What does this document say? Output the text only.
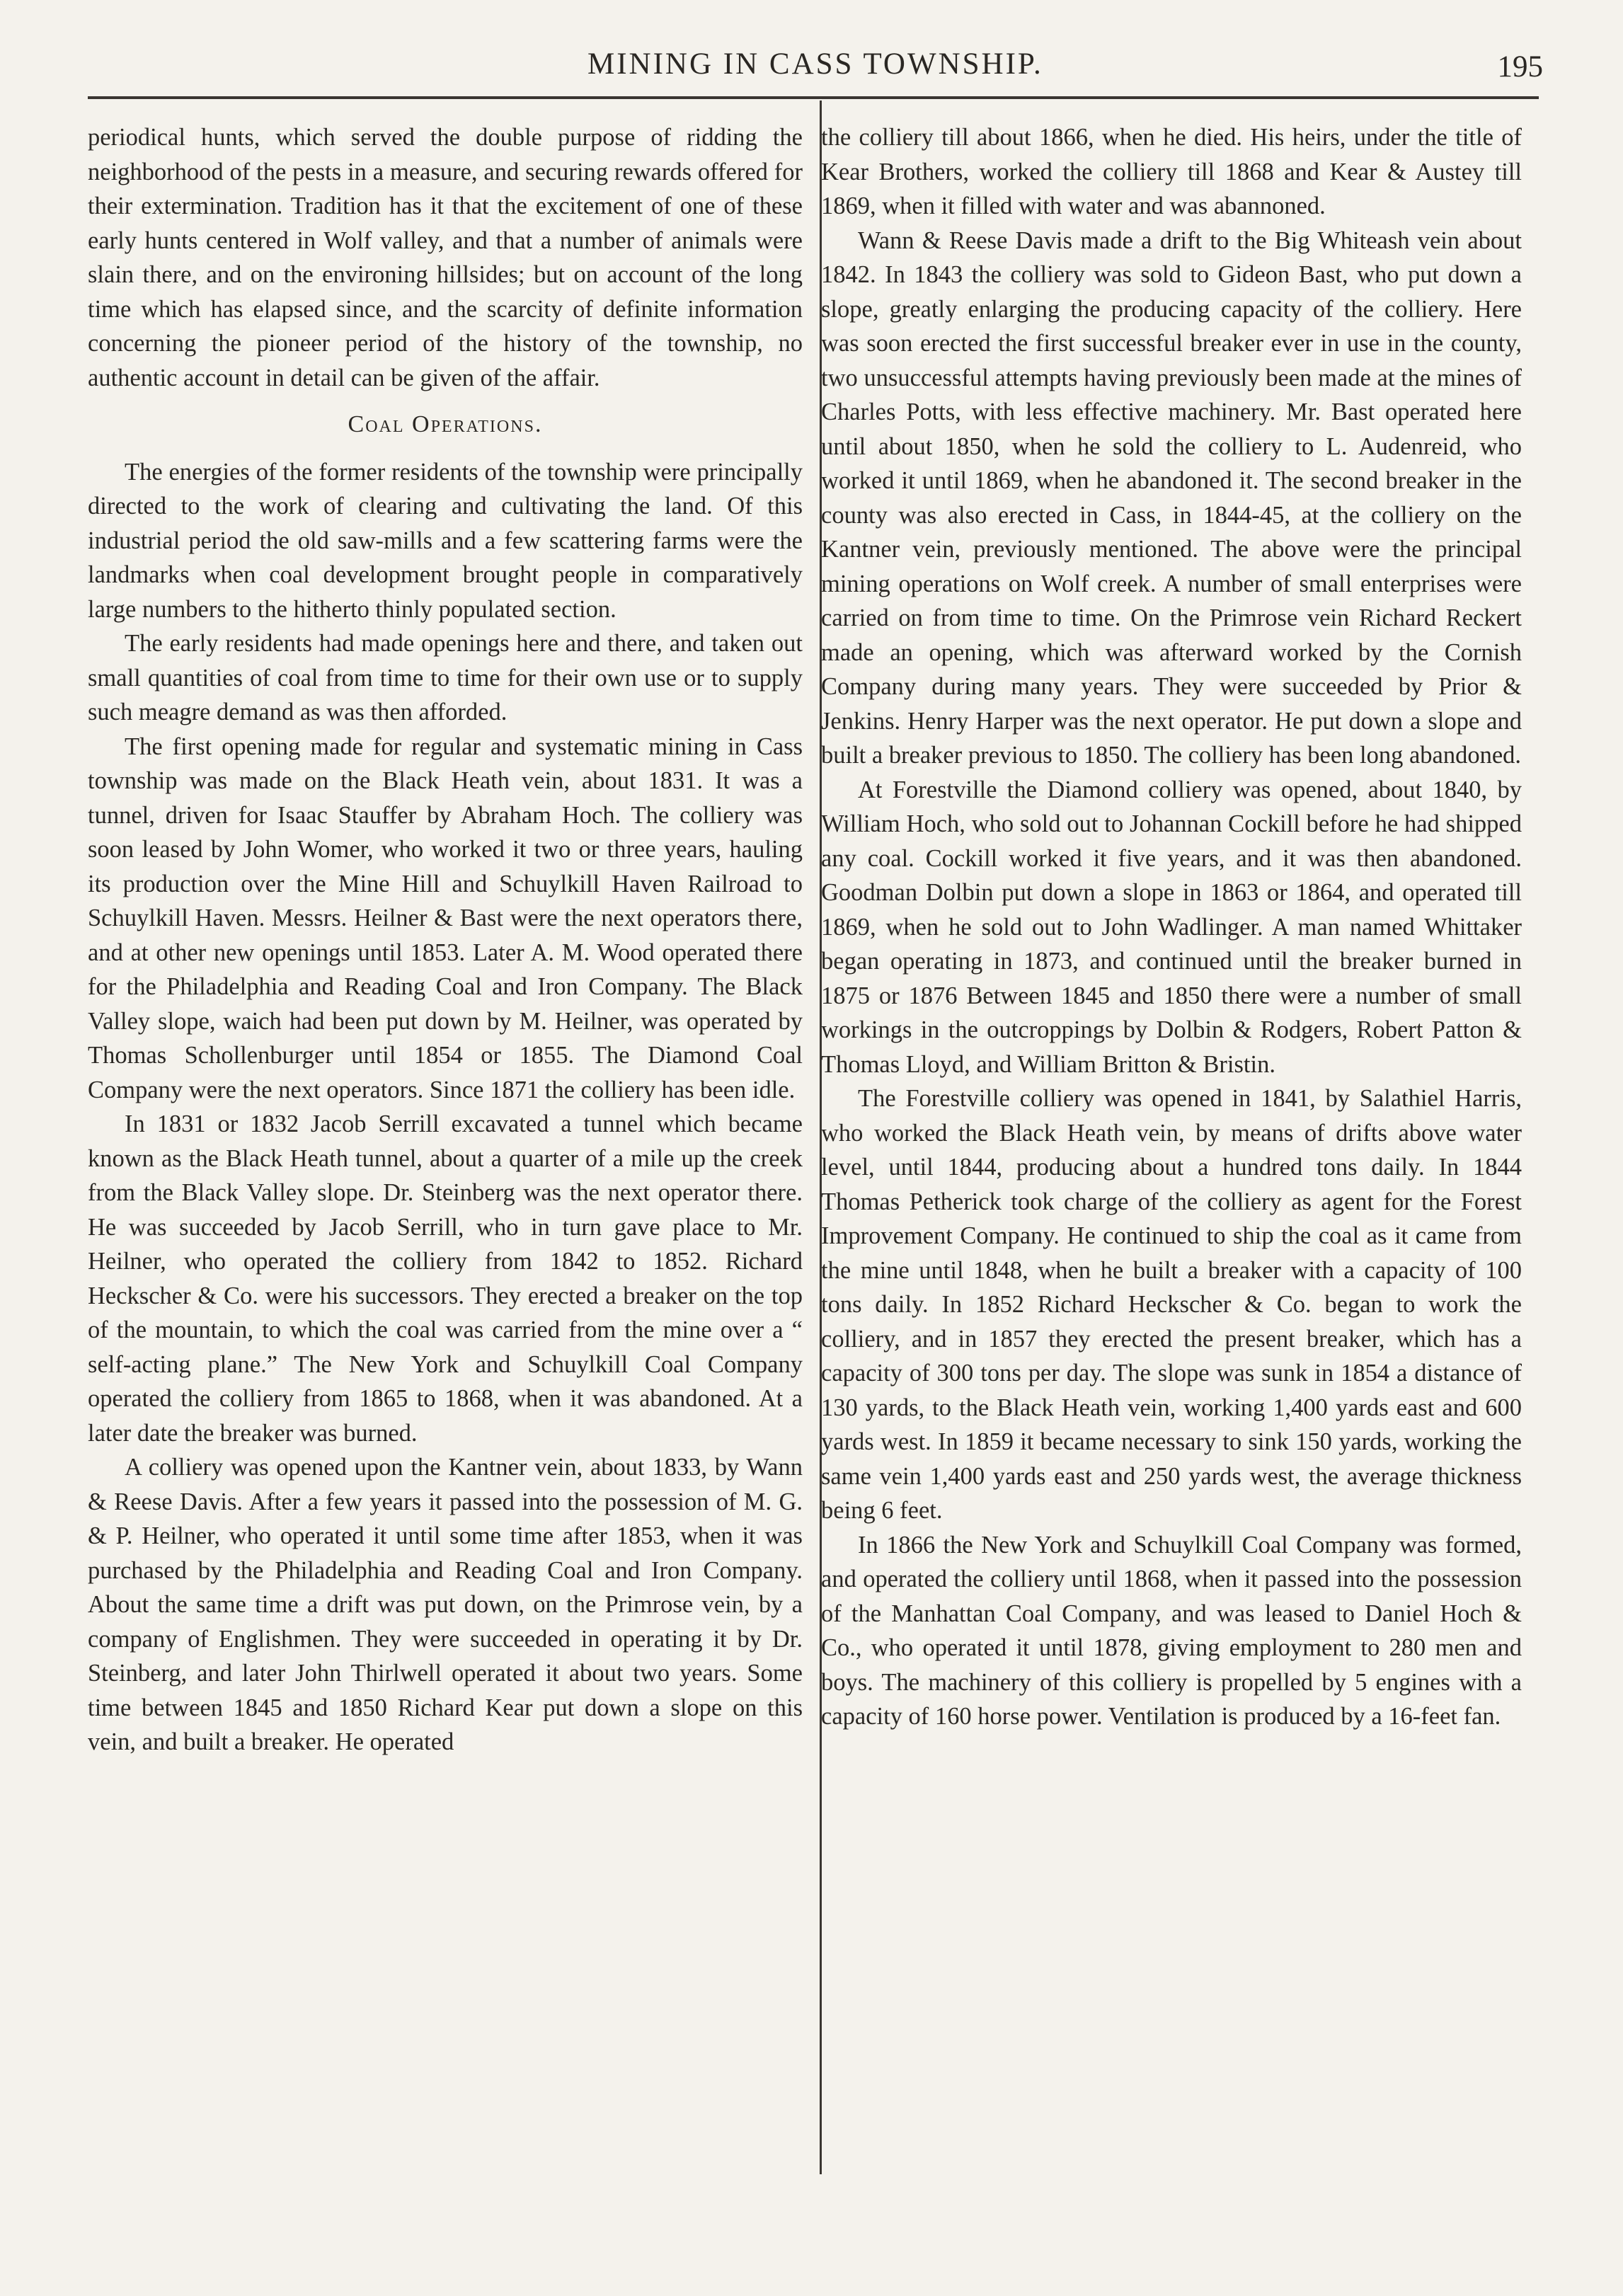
MINING IN CASS TOWNSHIP.	195

periodical hunts, which served the double purpose of ridding the neighborhood of the pests in a measure, and securing rewards offered for their extermination. Tradition has it that the excitement of one of these early hunts centered in Wolf valley, and that a number of animals were slain there, and on the environing hillsides; but on account of the long time which has elapsed since, and the scarcity of definite information concerning the pioneer period of the history of the township, no authentic account in detail can be given of the affair.

Coal Operations.

The energies of the former residents of the township were principally directed to the work of clearing and cultivating the land. Of this industrial period the old saw-mills and a few scattering farms were the landmarks when coal development brought people in comparatively large numbers to the hitherto thinly populated section.

The early residents had made openings here and there, and taken out small quantities of coal from time to time for their own use or to supply such meagre demand as was then afforded.

The first opening made for regular and systematic mining in Cass township was made on the Black Heath vein, about 1831. It was a tunnel, driven for Isaac Stauffer by Abraham Hoch. The colliery was soon leased by John Womer, who worked it two or three years, hauling its production over the Mine Hill and Schuylkill Haven Railroad to Schuylkill Haven. Messrs. Heilner & Bast were the next operators there, and at other new openings until 1853. Later A. M. Wood operated there for the Philadelphia and Reading Coal and Iron Company. The Black Valley slope, waich had been put down by M. Heilner, was operated by Thomas Schollenburger until 1854 or 1855. The Diamond Coal Company were the next operators. Since 1871 the colliery has been idle.

In 1831 or 1832 Jacob Serrill excavated a tunnel which became known as the Black Heath tunnel, about a quarter of a mile up the creek from the Black Valley slope. Dr. Steinberg was the next operator there. He was succeeded by Jacob Serrill, who in turn gave place to Mr. Heilner, who operated the colliery from 1842 to 1852. Richard Heckscher & Co. were his successors. They erected a breaker on the top of the mountain, to which the coal was carried from the mine over a “ self-acting plane.” The New York and Schuylkill Coal Company operated the colliery from 1865 to 1868, when it was abandoned. At a later date the breaker was burned.

A colliery was opened upon the Kantner vein, about 1833, by Wann & Reese Davis. After a few years it passed into the possession of M. G. & P. Heilner, who operated it until some time after 1853, when it was purchased by the Philadelphia and Reading Coal and Iron Company. About the same time a drift was put down, on the Primrose vein, by a company of Englishmen. They were succeeded in operating it by Dr. Steinberg, and later John Thirlwell operated it about two years. Some time between 1845 and 1850 Richard Kear put down a slope on this vein, and built a breaker. He operated

the colliery till about 1866, when he died. His heirs, under the title of Kear Brothers, worked the colliery till 1868 and Kear & Austey till 1869, when it filled with water and was abannoned.

Wann & Reese Davis made a drift to the Big Whiteash vein about 1842. In 1843 the colliery was sold to Gideon Bast, who put down a slope, greatly enlarging the producing capacity of the colliery. Here was soon erected the first successful breaker ever in use in the county, two unsuccessful attempts having previously been made at the mines of Charles Potts, with less effective machinery. Mr. Bast operated here until about 1850, when he sold the colliery to L. Audenreid, who worked it until 1869, when he abandoned it. The second breaker in the county was also erected in Cass, in 1844-45, at the colliery on the Kantner vein, previously mentioned. The above were the principal mining operations on Wolf creek. A number of small enterprises were carried on from time to time. On the Primrose vein Richard Reckert made an opening, which was afterward worked by the Cornish Company during many years. They were succeeded by Prior & Jenkins. Henry Harper was the next operator. He put down a slope and built a breaker previous to 1850. The colliery has been long abandoned.

At Forestville the Diamond colliery was opened, about 1840, by William Hoch, who sold out to Johannan Cockill before he had shipped any coal. Cockill worked it five years, and it was then abandoned. Goodman Dolbin put down a slope in 1863 or 1864, and operated till 1869, when he sold out to John Wadlinger. A man named Whittaker began operating in 1873, and continued until the breaker burned in 1875 or 1876 Between 1845 and 1850 there were a number of small workings in the outcroppings by Dolbin & Rodgers, Robert Patton & Thomas Lloyd, and William Britton & Bristin.

The Forestville colliery was opened in 1841, by Salathiel Harris, who worked the Black Heath vein, by means of drifts above water level, until 1844, producing about a hundred tons daily. In 1844 Thomas Petherick took charge of the colliery as agent for the Forest Improvement Company. He continued to ship the coal as it came from the mine until 1848, when he built a breaker with a capacity of 100 tons daily. In 1852 Richard Heckscher & Co. began to work the colliery, and in 1857 they erected the present breaker, which has a capacity of 300 tons per day. The slope was sunk in 1854 a distance of 130 yards, to the Black Heath vein, working 1,400 yards east and 600 yards west. In 1859 it became necessary to sink 150 yards, working the same vein 1,400 yards east and 250 yards west, the average thickness being 6 feet.

In 1866 the New York and Schuylkill Coal Company was formed, and operated the colliery until 1868, when it passed into the possession of the Manhattan Coal Company, and was leased to Daniel Hoch & Co., who operated it until 1878, giving employment to 280 men and boys. The machinery of this colliery is propelled by 5 engines with a capacity of 160 horse power. Ventilation is produced by a 16-feet fan.
